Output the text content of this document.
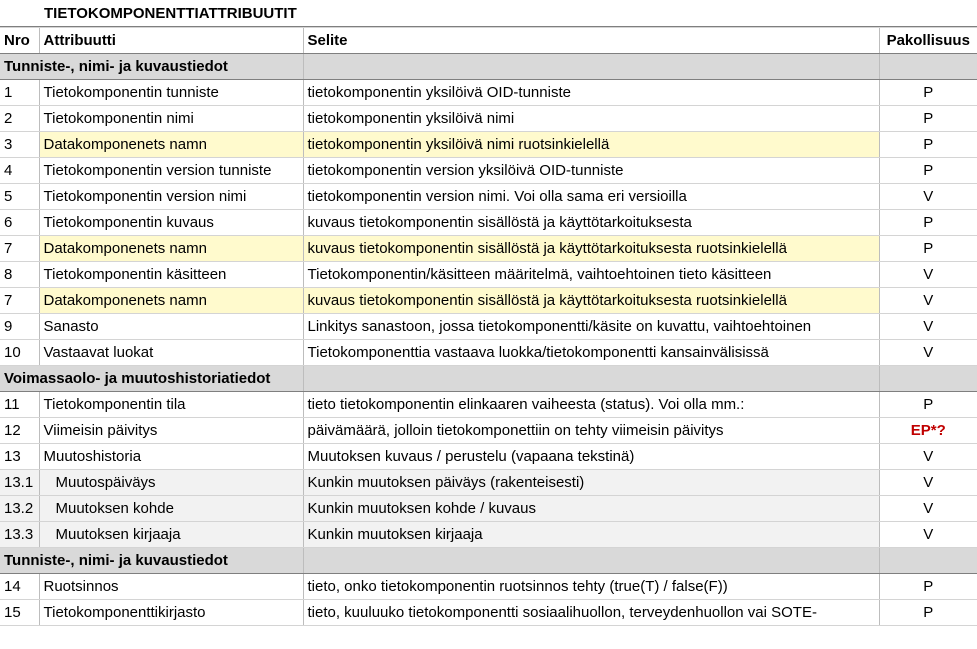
TIETOKOMPONENTTIATTRIBUUTIT
Nro	Attribuutti	Selite	Pakollisuus
Tunniste-, nimi- ja kuvaustiedot			
1	Tietokomponentin tunniste	tietokomponentin yksilöivä OID-tunniste	P
2	Tietokomponentin nimi	tietokomponentin yksilöivä nimi	P
3	Datakomponenets namn	tietokomponentin yksilöivä nimi ruotsinkielellä	P
4	Tietokomponentin version tunniste	tietokomponentin version yksilöivä OID-tunniste	P
5	Tietokomponentin version nimi	tietokomponentin version nimi. Voi olla sama eri versioilla	V
6	Tietokomponentin kuvaus	kuvaus tietokomponentin sisällöstä ja käyttötarkoituksesta	P
7	Datakomponenets namn	kuvaus tietokomponentin sisällöstä ja käyttötarkoituksesta ruotsinkielellä	P
8	Tietokomponentin käsitteen	Tietokomponentin/käsitteen määritelmä, vaihtoehtoinen tieto käsitteen	V
7	Datakomponenets namn	kuvaus tietokomponentin sisällöstä ja käyttötarkoituksesta ruotsinkielellä	V
9	Sanasto	Linkitys sanastoon, jossa tietokomponentti/käsite on kuvattu, vaihtoehtoinen	V
10	Vastaavat luokat	Tietokomponenttia vastaava luokka/tietokomponentti kansainvälisissä	V
Voimassaolo- ja muutoshistoriatiedot			
11	Tietokomponentin tila	tieto tietokomponentin elinkaaren vaiheesta (status). Voi olla mm.:	P
12	Viimeisin päivitys	päivämäärä, jolloin tietokomponettiin on tehty viimeisin päivitys	EP*?
13	Muutoshistoria	Muutoksen kuvaus / perustelu (vapaana tekstinä)	V
13.1	Muutospäiväys	Kunkin muutoksen päiväys (rakenteisesti)	V
13.2	Muutoksen kohde	Kunkin muutoksen kohde / kuvaus	V
13.3	Muutoksen kirjaaja	Kunkin muutoksen kirjaaja	V
Tunniste-, nimi- ja kuvaustiedot			
14	Ruotsinnos	tieto, onko tietokomponentin ruotsinnos tehty (true(T) / false(F))	P
15	Tietokomponenttikirjasto	tieto, kuuluuko tietokomponentti sosiaalihuollon, terveydenhuollon vai SOTE-	P
